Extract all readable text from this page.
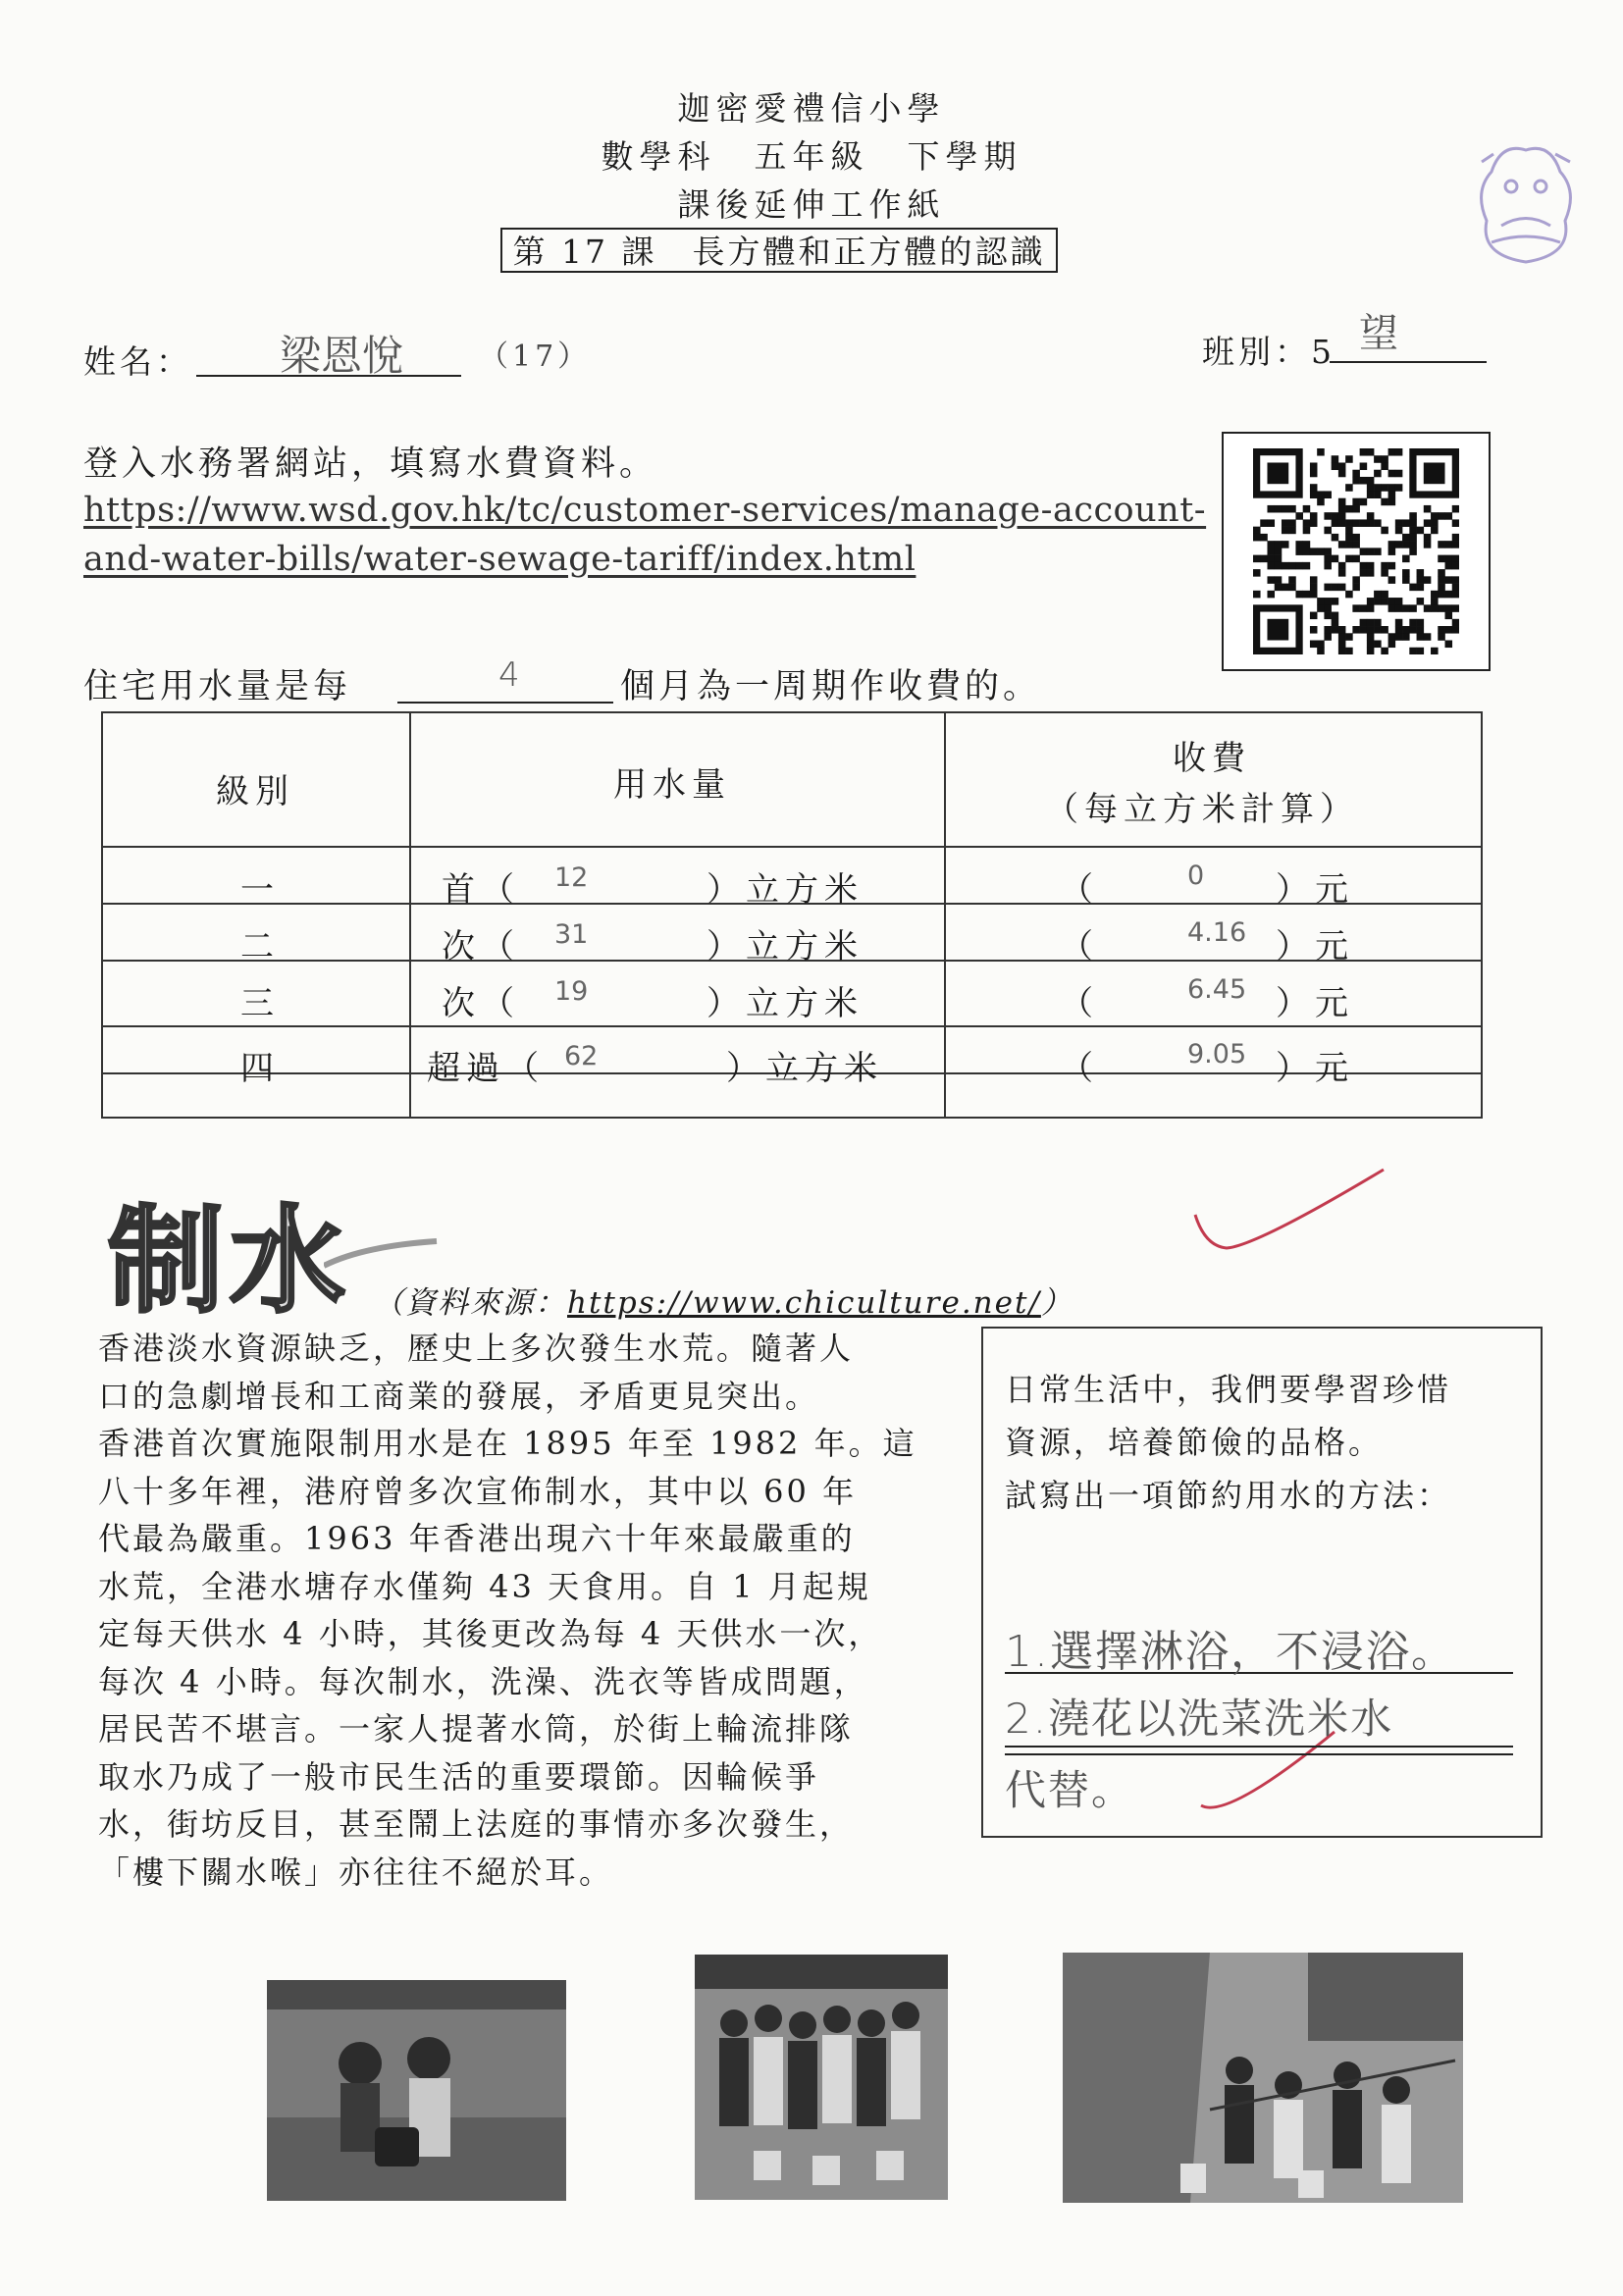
迦密愛禮信小學
數學科　五年級　下學期
課後延伸工作紙
第 17 課　長方體和正方體的認識
姓名： 梁恩悅	（17）	班別：5 望
登入水務署網站，填寫水費資料。
https://www.wsd.gov.hk/tc/customer-services/manage-account-
and-water-bills/water-sewage-tariff/index.html
住宅用水量是每	4	個月為一周期作收費的。
級別	用水量
收費
（每立方米計算）
一	首（ 12	）立方米	（	0 ）元
二	次（ 31	）立方米	（	4.16 ）元
三	次（ 19	）立方米	（	6.45 ）元
四	超過（ 62	）立方米	（	9.05 ）元
制水 （資料來源：https://www.chiculture.net/）
香港淡水資源缺乏，歷史上多次發生水荒。隨著人
口的急劇增長和工商業的發展，矛盾更見突出。
香港首次實施限制用水是在 1895 年至 1982 年。這
八十多年裡，港府曾多次宣佈制水，其中以 60 年
代最為嚴重。1963 年香港出現六十年來最嚴重的
水荒，全港水塘存水僅夠 43 天食用。自 1 月起規
定每天供水 4 小時，其後更改為每 4 天供水一次，
每次 4 小時。每次制水，洗澡、洗衣等皆成問題，
居民苦不堪言。一家人提著水筒，於街上輪流排隊
取水乃成了一般市民生活的重要環節。因輪候爭
水，街坊反目，甚至鬧上法庭的事情亦多次發生，
「樓下關水喉」亦往往不絕於耳。
日常生活中，我們要學習珍惜
資源，培養節儉的品格。
試寫出一項節約用水的方法：
1.選擇淋浴，不浸浴。
2.澆花以洗菜洗米水
代替。
